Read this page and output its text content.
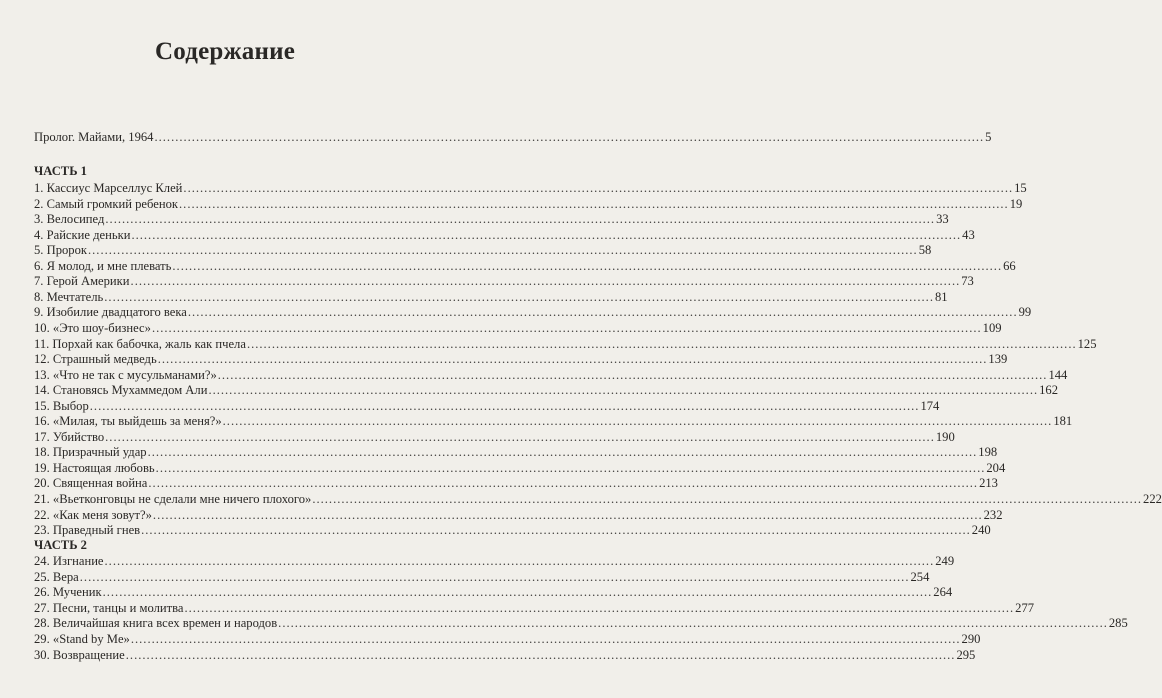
Содержание
Пролог. Майами, 1964 ........................................................................................................................................................................................................ 5
ЧАСТЬ 1
1. Кассиус Марселлус Клей ........................................................................................................................................................................................................ 15
2. Самый громкий ребенок ........................................................................................................................................................................................................ 19
3. Велосипед ........................................................................................................................................................................................................ 33
4. Райские деньки ........................................................................................................................................................................................................ 43
5. Пророк ........................................................................................................................................................................................................ 58
6. Я молод, и мне плевать ........................................................................................................................................................................................................ 66
7. Герой Америки ........................................................................................................................................................................................................ 73
8. Мечтатель ........................................................................................................................................................................................................ 81
9. Изобилие двадцатого века ........................................................................................................................................................................................................ 99
10. «Это шоу-бизнес» ........................................................................................................................................................................................................ 109
11. Порхай как бабочка, жаль как пчела ........................................................................................................................................................................................................ 125
12. Страшный медведь ........................................................................................................................................................................................................ 139
13. «Что не так с мусульманами?» ........................................................................................................................................................................................................ 144
14. Становясь Мухаммедом Али ........................................................................................................................................................................................................ 162
15. Выбор ........................................................................................................................................................................................................ 174
16. «Милая, ты выйдешь за меня?» ........................................................................................................................................................................................................ 181
17. Убийство ........................................................................................................................................................................................................ 190
18. Призрачный удар ........................................................................................................................................................................................................ 198
19. Настоящая любовь ........................................................................................................................................................................................................ 204
20. Священная война ........................................................................................................................................................................................................ 213
21. «Вьетконговцы не сделали мне ничего плохого» ........................................................................................................................................................................................................ 222
22. «Как меня зовут?» ........................................................................................................................................................................................................ 232
23. Праведный гнев ........................................................................................................................................................................................................ 240
ЧАСТЬ 2
24. Изгнание ........................................................................................................................................................................................................ 249
25. Вера ........................................................................................................................................................................................................ 254
26. Мученик ........................................................................................................................................................................................................ 264
27. Песни, танцы и молитва ........................................................................................................................................................................................................ 277
28. Величайшая книга всех времен и народов ........................................................................................................................................................................................................ 285
29. «Stand by Me» ........................................................................................................................................................................................................ 290
30. Возвращение ........................................................................................................................................................................................................ 295
